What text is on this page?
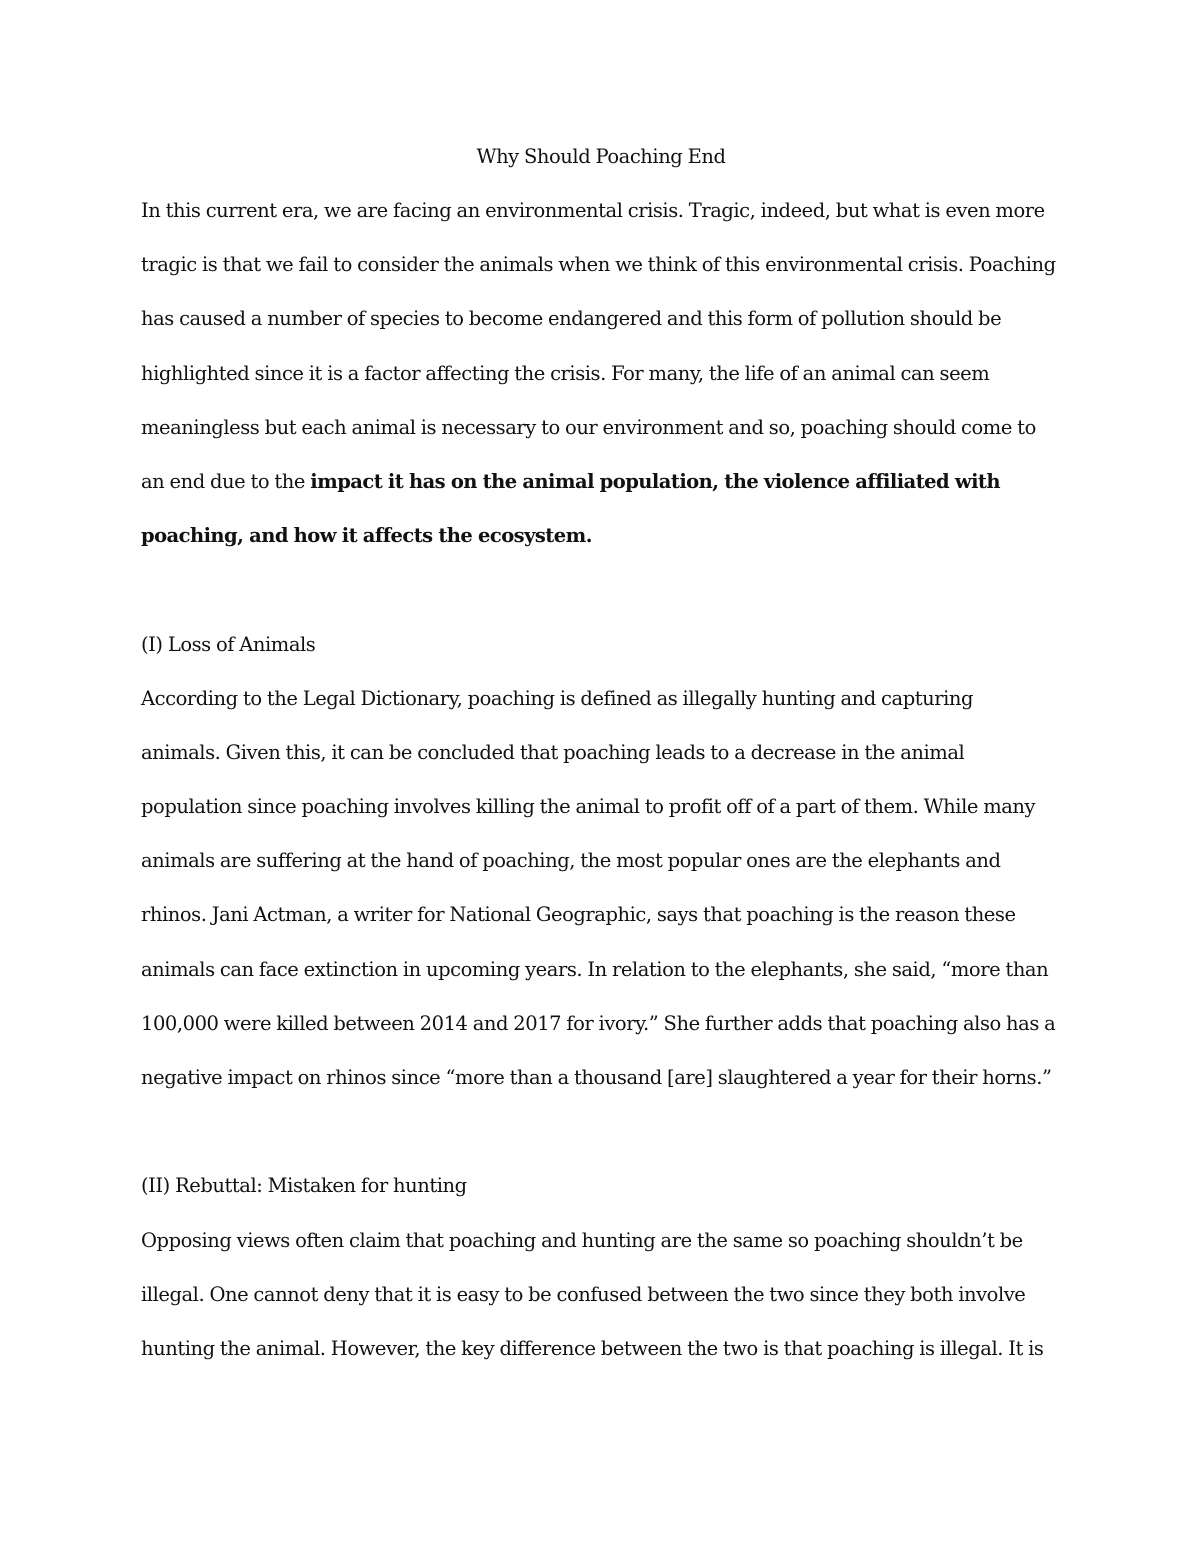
Why Should Poaching End

In this current era, we are facing an environmental crisis. Tragic, indeed, but what is even more

tragic is that we fail to consider the animals when we think of this environmental crisis. Poaching

has caused a number of species to become endangered and this form of pollution should be

highlighted since it is a factor affecting the crisis. For many, the life of an animal can seem

meaningless but each animal is necessary to our environment and so, poaching should come to

an end due to the impact it has on the animal population, the violence affiliated with

poaching, and how it affects the ecosystem.

(I) Loss of Animals

According to the Legal Dictionary, poaching is defined as illegally hunting and capturing

animals. Given this, it can be concluded that poaching leads to a decrease in the animal

population since poaching involves killing the animal to profit off of a part of them. While many

animals are suffering at the hand of poaching, the most popular ones are the elephants and

rhinos. Jani Actman, a writer for National Geographic, says that poaching is the reason these

animals can face extinction in upcoming years. In relation to the elephants, she said, “more than

100,000 were killed between 2014 and 2017 for ivory.” She further adds that poaching also has a

negative impact on rhinos since “more than a thousand [are] slaughtered a year for their horns.”

(II) Rebuttal: Mistaken for hunting

Opposing views often claim that poaching and hunting are the same so poaching shouldn’t be

illegal. One cannot deny that it is easy to be confused between the two since they both involve

hunting the animal. However, the key difference between the two is that poaching is illegal. It is
